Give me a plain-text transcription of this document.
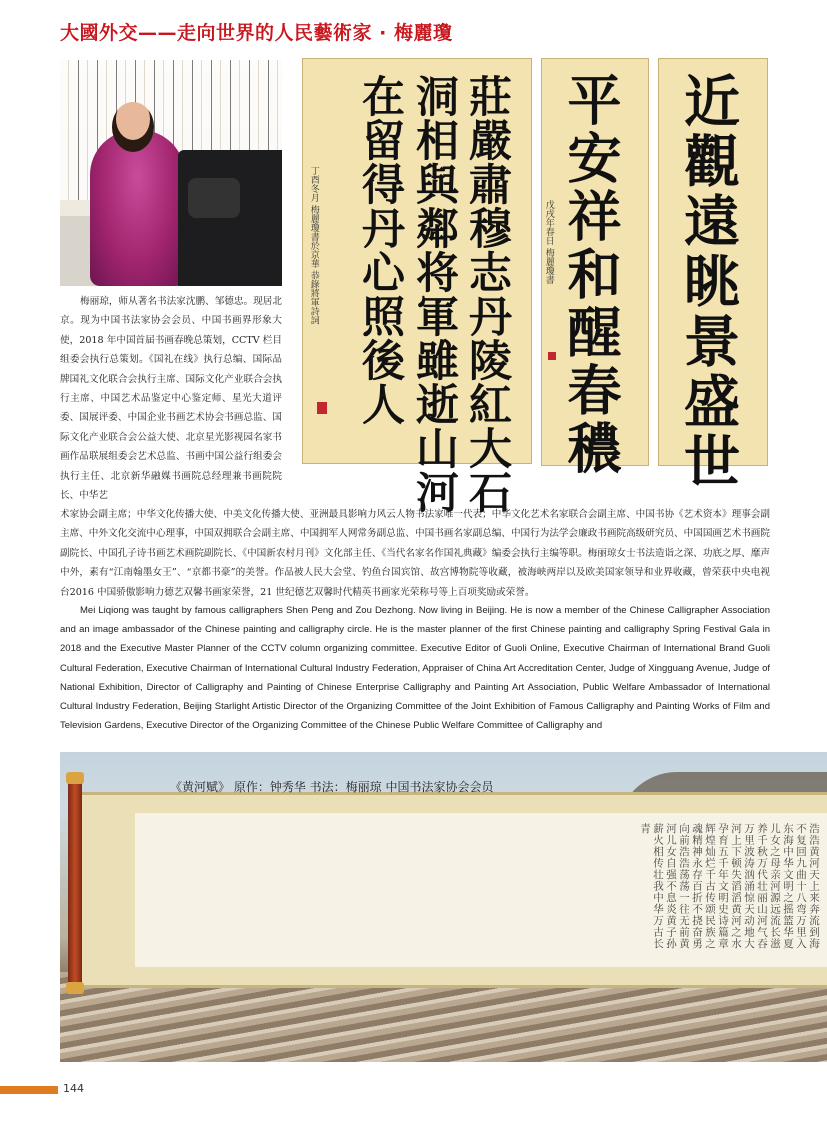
大國外交——走向世界的人民藝術家 · 梅麗瓊
近觀遠眺景盛世
平安祥和醒春穠
戊戌年春日 梅麗瓊書
莊嚴肅穆志丹陵紅大石
洞相與鄰将軍雖逝山河
在留得丹心照後人
丁酉冬月 梅麗瓊書於京華 恭錄將軍詩詞
梅丽琼，师从著名书法家沈鹏、邹德忠。现居北京。现为中国书法家协会会员、中国书画界形象大使，2018 年中国首届书画春晚总策划，CCTV 栏目组委会执行总策划。《国礼在线》执行总编、国际品牌国礼文化联合会执行主席、国际文化产业联合会执行主席、中国艺术品鉴定中心鉴定师、星光大道评委、国展评委、中国企业书画艺术协会书画总监、国际文化产业联合会公益大使、北京星光影视园名家书画作品联展组委会艺术总监、书画中国公益行组委会执行主任、北京新华融媒书画院总经理兼书画院院长、中华艺
术家协会副主席；中华文化传播大使、中美文化传播大使、亚洲最具影响力风云人物书法家唯一代表；中华文化艺术名家联合会副主席、中国书协《艺术资本》理事会副主席、中外文化交流中心理事，中国双拥联合会副主席、中国拥军人网常务副总监、中国书画名家副总编、中国行为法学会廉政书画院高级研究员、中国国画艺术书画院副院长、中国孔子诗书画艺术画院副院长、《中国新农村月刊》文化部主任、《当代名家名作国礼典藏》编委会执行主编等职。梅丽琼女士书法造诣之深、功底之厚、靡声中外，素有“江南翰墨女王”、“京都书豪”的美誉。作品被人民大会堂、钓鱼台国宾馆、故宫博物院等收藏，被海峡两岸以及欧美国家领导和业界收藏，曾荣获中央电视台2016 中国骄傲影响力德艺双馨书画家荣誉，21 世纪德艺双馨时代精英书画家光荣称号等上百项奖励或荣誉。
Mei Liqiong was taught by famous calligraphers Shen Peng and Zou Dezhong. Now living in Beijing. He is now a member of the Chinese Calligrapher Association and an image ambassador of the Chinese painting and calligraphy circle. He is the master planner of the first Chinese painting and calligraphy Spring Festival Gala in 2018 and the Executive Master Planner of the CCTV column organizing committee. Executive Editor of Guoli Online, Executive Chairman of International Brand Guoli Cultural Federation, Executive Chairman of International Cultural Industry Federation, Appraiser of China Art Accreditation Center, Judge of Xingguang Avenue, Judge of National Exhibition, Director of Calligraphy and Painting of Chinese Enterprise Calligraphy and Painting Art Association, Public Welfare Ambassador of International Cultural Industry Federation, Beijing Starlight Artistic Director of the Organizing Committee of the Joint Exhibition of Famous Calligraphy and Painting Works of Film and Television Gardens, Executive Director of the Organizing Committee of the Chinese Public Welfare Committee of Calligraphy and
浩浩黄河天上来奔流到海不复回九曲十八弯万里入东海中华文明之摇篮华夏儿女之母亲河源远流长滋养千秋万代壮丽山河气吞万里波涛汹涌惊天动地大河上下顿失滔滔黄河之水孕育五千年文明史诗篇章辉煌灿烂千古传颂民族之魂精神永存百折不挠奋勇向前浩浩荡荡一往无前黄河儿女自强不息炎黄子孙薪火相传壮我中华万古长青
《黄河赋》 原作：钟秀华 书法：梅丽琼 中国书法家协会会员
144
